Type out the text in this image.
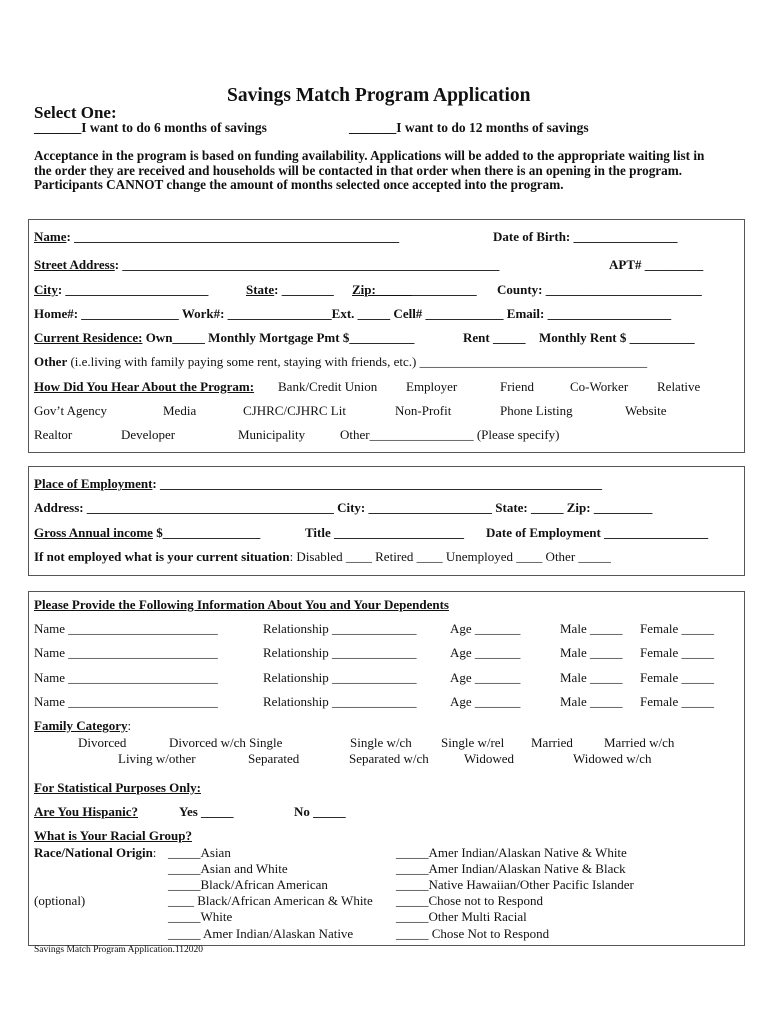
Savings Match Program Application
Select One:
_______I want to do 6 months of savings	_______I want to do 12 months of savings
Acceptance in the program is based on funding availability. Applications will be added to the appropriate waiting list in the order they are received and households will be contacted in that order when there is an opening in the program. Participants CANNOT change the amount of months selected once accepted into the program.
Name: __________________________________________________	Date of Birth: ________________
Street Address: __________________________________________________________	APT# _________
City: ______________________	State: ________ Zip: _______________ County: ________________________
Home#: _______________ Work#: ________________Ext. _____ Cell# ____________ Email: ___________________
Current Residence: Own_____ Monthly Mortgage Pmt $__________	Rent _____ Monthly Rent $ __________
Other (i.e.living with family paying some rent, staying with friends, etc.) ___________________________________
How Did You Hear About the Program: Bank/Credit Union Employer	Friend	Co-Worker Relative
Gov’t Agency	Media	CJHRC/CJHRC Lit	Non-Profit	Phone Listing	Website
Realtor	Developer	Municipality	Other________________ (Please specify)
Place of Employment: ____________________________________________________________________
Address: ______________________________________ City: ___________________ State: _____ Zip: _________
Gross Annual income $_______________	Title ____________________ Date of Employment ________________
If not employed what is your current situation: Disabled ____ Retired ____ Unemployed ____ Other _____
Please Provide the Following Information About You and Your Dependents
Name _______________________	Relationship _____________	Age _______	Male _____ Female _____
Name _______________________	Relationship _____________	Age _______	Male _____ Female _____
Name _______________________	Relationship _____________	Age _______	Male _____ Female _____
Name _______________________	Relationship _____________	Age _______	Male _____ Female _____
Family Category:
Divorced	Divorced w/ch Single	Single w/ch Single w/rel Married Married w/ch
Living w/other	Separated	Separated w/ch	Widowed	Widowed w/ch
For Statistical Purposes Only:
Are You Hispanic?	Yes _____	No _____
What is Your Racial Group?
Race/National Origin:
(optional)
_____Asian
_____Asian and White
_____Black/African American
____ Black/African American & White
_____White
_____ Amer Indian/Alaskan Native
_____Amer Indian/Alaskan Native & White
_____Amer Indian/Alaskan Native & Black
_____Native Hawaiian/Other Pacific Islander
_____Chose not to Respond
_____Other Multi Racial
_____ Chose Not to Respond
Savings Match Program Application.112020
